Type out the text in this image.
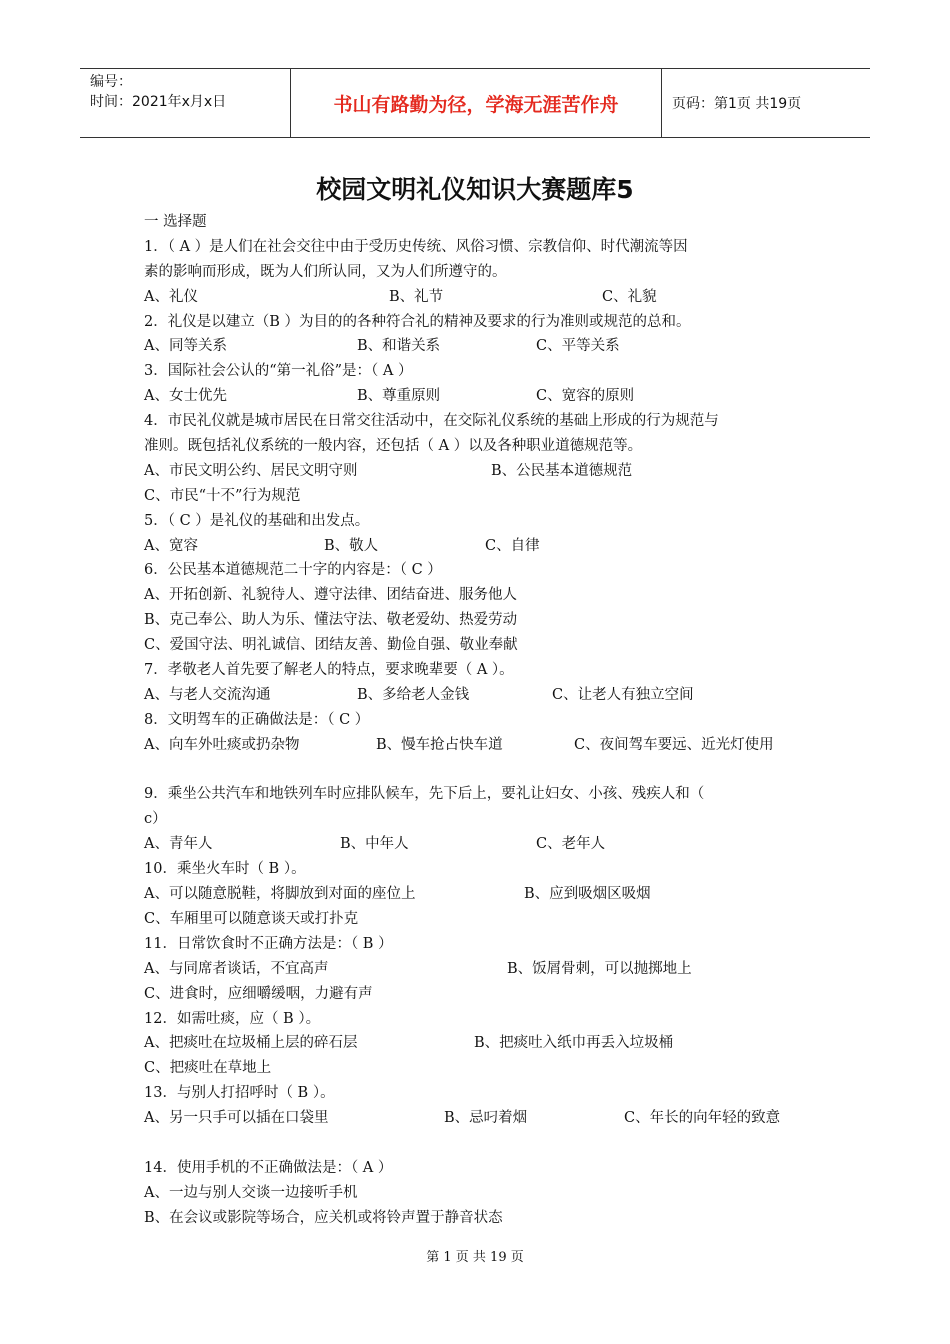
编号：
时间：2021年x月x日	书山有路勤为径，学海无涯苦作舟	页码：第1页 共19页
校园文明礼仪知识大赛题库5
一 选择题
1．（ A ）是人们在社会交往中由于受历史传统、风俗习惯、宗教信仰、时代潮流等因
素的影响而形成，既为人们所认同，又为人们所遵守的。
A、礼仪	B、礼节	C、礼貌
2．礼仪是以建立（B ）为目的的各种符合礼的精神及要求的行为准则或规范的总和。
A、同等关系	B、和谐关系	C、平等关系
3．国际社会公认的“第一礼俗”是：（ A ）
A、女士优先	B、尊重原则	C、宽容的原则
4．市民礼仪就是城市居民在日常交往活动中，在交际礼仪系统的基础上形成的行为规范与
准则。既包括礼仪系统的一般内容，还包括（ A ）以及各种职业道德规范等。
A、市民文明公约、居民文明守则	B、公民基本道德规范
C、市民“十不”行为规范
5．（ C ）是礼仪的基础和出发点。
A、宽容	B、敬人	C、自律
6．公民基本道德规范二十字的内容是：（ C ）
A、开拓创新、礼貌待人、遵守法律、团结奋进、服务他人
B、克己奉公、助人为乐、懂法守法、敬老爱幼、热爱劳动
C、爱国守法、明礼诚信、团结友善、勤俭自强、敬业奉献
7．孝敬老人首先要了解老人的特点，要求晚辈要（ A ）。
A、与老人交流沟通	B、多给老人金钱	C、让老人有独立空间
8．文明驾车的正确做法是：（ C ）
A、向车外吐痰或扔杂物	B、慢车抢占快车道	C、夜间驾车要远、近光灯使用
9．乘坐公共汽车和地铁列车时应排队候车，先下后上，要礼让妇女、小孩、残疾人和（
c）
A、青年人	B、中年人	C、老年人
10．乘坐火车时（ B ）。
A、可以随意脱鞋，将脚放到对面的座位上	B、应到吸烟区吸烟
C、车厢里可以随意谈天或打扑克
11．日常饮食时不正确方法是：（ B ）
A、与同席者谈话，不宜高声	B、饭屑骨刺，可以抛掷地上
C、进食时，应细嚼缓咽，力避有声
12．如需吐痰，应（ B ）。
A、把痰吐在垃圾桶上层的碎石层	B、把痰吐入纸巾再丢入垃圾桶
C、把痰吐在草地上
13．与别人打招呼时（ B ）。
A、另一只手可以插在口袋里	B、忌叼着烟	C、年长的向年轻的致意
14．使用手机的不正确做法是：（ A ）
A、一边与别人交谈一边接听手机
B、在会议或影院等场合，应关机或将铃声置于静音状态
第 1 页 共 19 页
